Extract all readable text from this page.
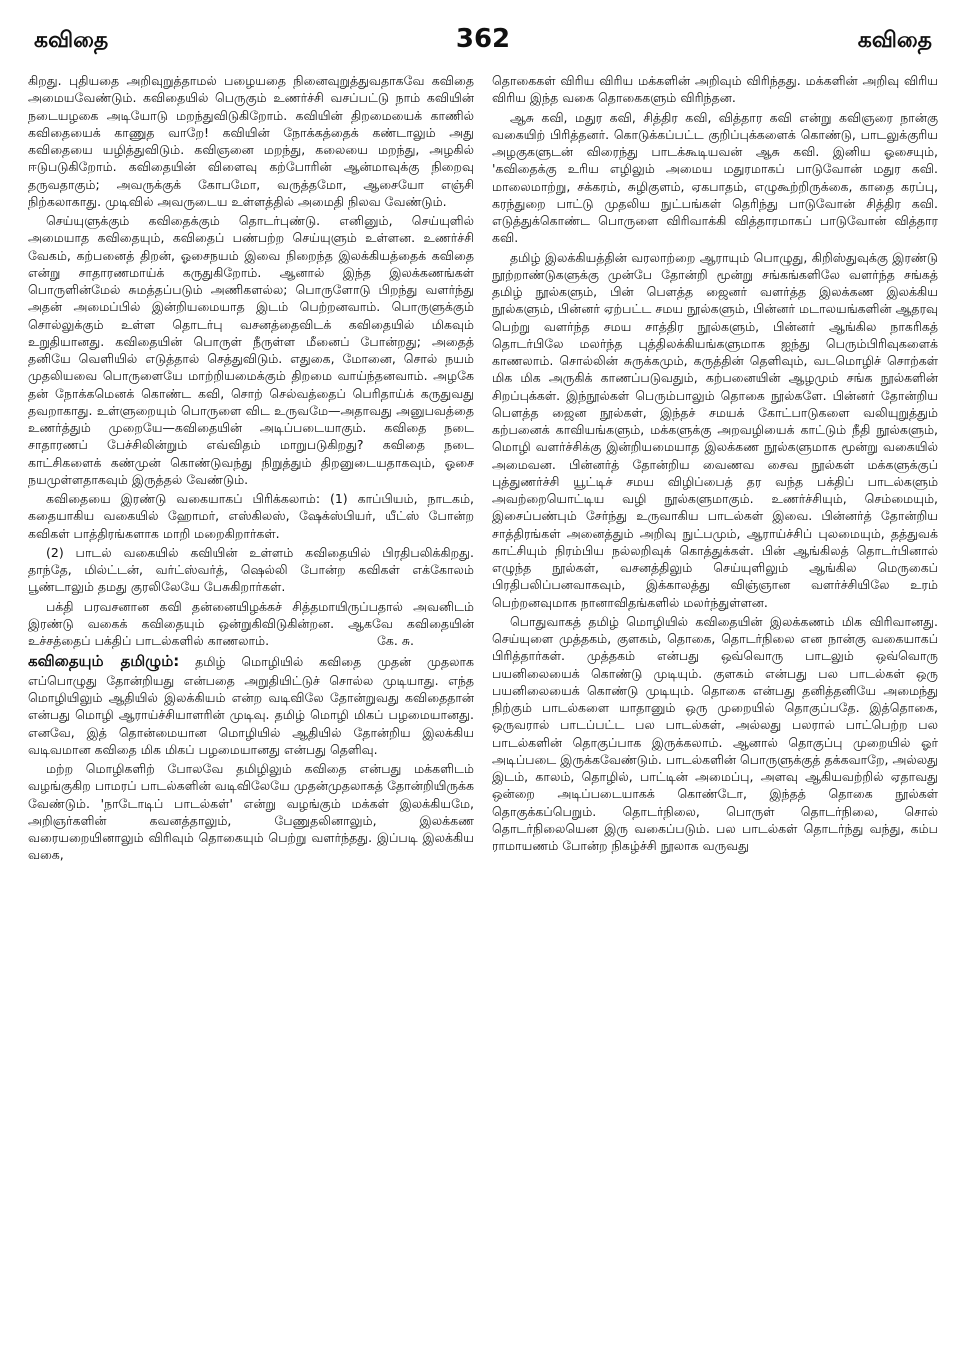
கவிதை	362	கவிதை

கிறது. புதியதை அறிவுறுத்தாமல் பழையதை நினைவுறுத்துவதாகவே கவிதை அமையவேண்டும். கவிதையில் பெருகும் உணர்ச்சி வசப்பட்டு நாம் கவியின் நடையழகை அடியோடு மறந்துவிடுகிறோம். கவியின் திறமையைக் காணில் கவிதையைக் காணுத வாறே! கவியின் நோக்கத்தைக் கண்டாலும் அது கவிதையை யழித்துவிடும். கவிஞனை மறந்து, கலையை மறந்து, அழகில் ஈடுபடுகிறோம். கவிதையின் விளைவு கற்போரின் ஆன்மாவுக்கு நிறைவு தருவதாகும்; அவருக்குக் கோபமோ, வருத்தமோ, ஆசையோ எஞ்சி நிற்கலாகாது. முடிவில் அவருடைய உள்ளத்தில் அமைதி நிலவ வேண்டும்.

செய்யுளுக்கும் கவிதைக்கும் தொடர்புண்டு. எனினும், செய்யுளில் அமையாத கவிதையும், கவிதைப் பண்பற்ற செய்யுளும் உள்ளன. உணர்ச்சி வேகம், கற்பனைத் திறன், ஓசைநயம் இவை நிறைந்த இலக்கியத்தைக் கவிதை என்று சாதாரணமாய்க் கருதுகிறோம். ஆனால் இந்த இலக்கணங்கள் பொருளின்மேல் சுமத்தப்படும் அணிகளல்ல; பொருளோடு பிறந்து வளர்ந்து அதன் அமைப்பில் இன்றியமையாத இடம் பெற்றனவாம். பொருளுக்கும் சொல்லுக்கும் உள்ள தொடர்பு வசனத்தைவிடக் கவிதையில் மிகவும் உறுதியானது. கவிதையின் பொருள் நீருள்ள மீனைப் போன்றது; அதைத் தனியே வெளியில் எடுத்தால் செத்துவிடும். எதுகை, மோனை, சொல் நயம் முதலியவை பொருளையே மாற்றியமைக்கும் திறமை வாய்ந்தனவாம். அழகே தன் நோக்கமெனக் கொண்ட கவி, சொற் செல்வத்தைப் பெரிதாய்க் கருதுவது தவறாகாது. உள்ளுறையும் பொருளை விட உருவமே—அதாவது அனுபவத்தை உணர்த்தும் முறையே—கவிதையின் அடிப்படையாகும். கவிதை நடை சாதாரணப் பேச்சிலின்றும் எவ்விதம் மாறுபடுகிறது? கவிதை நடை காட்சிகளைக் கண்முன் கொண்டுவந்து நிறுத்தும் திறனுடையதாகவும், ஓசை நயமுள்ளதாகவும் இருத்தல் வேண்டும்.

கவிதையை இரண்டு வகையாகப் பிரிக்கலாம்: (1) காப்பியம், நாடகம், கதையாகிய வகையில் ஹோமர், எஸ்கிலஸ், ஷேக்ஸ்பியர், யீட்ஸ் போன்ற கவிகள் பாத்திரங்களாக மாறி மறைகிறார்கள்.

(2) பாடல் வகையில் கவியின் உள்ளம் கவிதையில் பிரதிபலிக்கிறது. தாந்தே, மில்ட்டன், வர்ட்ஸ்வர்த், ஷெல்லி போன்ற கவிகள் எக்கோலம் பூண்டாலும் தமது குரலிலேயே பேசுகிறார்கள்.

பக்தி பரவசனான கவி தன்னையிழக்கச் சித்தமாயிருப்பதால் அவனிடம் இரண்டு வகைக் கவிதையும் ஒன்றுகிவிடுகின்றன. ஆகவே கவிதையின் உச்சத்தைப் பக்திப் பாடல்களில் காணலாம்.	கே. சு.

கவிதையும் தமிழும்: தமிழ் மொழியில் கவிதை முதன் முதலாக எப்பொழுது தோன்றியது என்பதை அறுதியிட்டுச் சொல்ல முடியாது. எந்த மொழியிலும் ஆதியில் இலக்கியம் என்ற வடிவிலே தோன்றுவது கவிதைதான் என்பது மொழி ஆராய்ச்சியாளரின் முடிவு. தமிழ் மொழி மிகப் பழமையானது. எனவே, இத் தொன்மையான மொழியில் ஆதியில் தோன்றிய இலக்கிய வடிவமான கவிதை மிக மிகப் பழமையானது என்பது தெளிவு.

மற்ற மொழிகளிற் போலவே தமிழிலும் கவிதை என்பது மக்களிடம் வழங்குகிற பாமரப் பாடல்களின் வடிவிலேயே முதன்முதலாகத் தோன்றியிருக்க வேண்டும். 'நாடோடிப் பாடல்கள்' என்று வழங்கும் மக்கள் இலக்கியமே, அறிஞர்களின் கவனத்தாலும், பேணுதலினாலும், இலக்கண வரையறையினாலும் விரிவும் தொகையும் பெற்று வளர்ந்தது. இப்படி இலக்கிய வகை,

தொகைகள் விரிய விரிய மக்களின் அறிவும் விரிந்தது. மக்களின் அறிவு விரிய விரிய இந்த வகை தொகைகளும் விரிந்தன.

ஆசு கவி, மதுர கவி, சித்திர கவி, வித்தார கவி என்று கவிஞரை நான்கு வகையிற் பிரித்தனர். கொடுக்கப்பட்ட குறிப்புக்களைக் கொண்டு, பாடலுக்குரிய அழகுகளுடன் விரைந்து பாடக்கூடியவன் ஆசு கவி. இனிய ஓசையும், 'கவிதைக்கு உரிய எழிலும் அமைய மதுரமாகப் பாடுவோன் மதுர கவி. மாலைமாற்று, சக்கரம், சுழிகுளம், ஏகபாதம், எழுகூற்றிருக்கை, காதை கரப்பு, கரந்துறை பாட்டு முதலிய நுட்பங்கள் தெரிந்து பாடுவோன் சித்திர கவி. எடுத்துக்கொண்ட பொருளை விரிவாக்கி வித்தாரமாகப் பாடுவோன் வித்தார கவி.

தமிழ் இலக்கியத்தின் வரலாற்றை ஆராயும் பொழுது, கிறிஸ்துவுக்கு இரண்டு நூற்றாண்டுகளுக்கு முன்பே தோன்றி மூன்று சங்கங்களிலே வளர்ந்த சங்கத் தமிழ் நூல்களும், பின் பௌத்த ஜைனர் வளர்த்த இலக்கண இலக்கிய நூல்களும், பின்னர் ஏற்பட்ட சமய நூல்களும், பின்னர் மடாலயங்களின் ஆதரவு பெற்று வளர்ந்த சமய சாத்திர நூல்களும், பின்னர் ஆங்கில நாகரிகத் தொடர்பிலே மலர்ந்த புத்திலக்கியங்களுமாக ஐந்து பெரும்பிரிவுகளைக் காணலாம். சொல்லின் சுருக்கமும், கருத்தின் தெளிவும், வடமொழிச் சொற்கள் மிக மிக அருகிக் காணப்படுவதும், கற்பனையின் ஆழமும் சங்க நூல்களின் சிறப்புக்கள். இந்நூல்கள் பெரும்பாலும் தொகை நூல்களே. பின்னர் தோன்றிய பௌத்த ஜைன நூல்கள், இந்தச் சமயக் கோட்பாடுகளை வலியுறுத்தும் கற்பனைக் காவியங்களும், மக்களுக்கு அறவழியைக் காட்டும் நீதி நூல்களும், மொழி வளர்ச்சிக்கு இன்றியமையாத இலக்கண நூல்களுமாக மூன்று வகையில் அமைவன. பின்னர்த் தோன்றிய வைணவ சைவ நூல்கள் மக்களுக்குப் புத்துணர்ச்சி யூட்டிச் சமய விழிப்பைத் தர வந்த பக்திப் பாடல்களும் அவற்றையொட்டிய வழி நூல்களுமாகும். உணர்ச்சியும், செம்மையும், இசைப்பண்பும் சேர்ந்து உருவாகிய பாடல்கள் இவை. பின்னர்த் தோன்றிய சாத்திரங்கள் அனைத்தும் அறிவு நுட்பமும், ஆராய்ச்சிப் புலமையும், தத்துவக் காட்சியும் நிரம்பிய நல்லறிவுக் கொத்துக்கள். பின் ஆங்கிலத் தொடர்பினால் எழுந்த நூல்கள், வசனத்திலும் செய்யுளிலும் ஆங்கில மெருகைப் பிரதிபலிப்பனவாகவும், இக்காலத்து விஞ்ஞான வளர்ச்சியிலே உரம் பெற்றனவுமாக நானாவிதங்களில் மலர்ந்துள்ளன.

பொதுவாகத் தமிழ் மொழியில் கவிதையின் இலக்கணம் மிக விரிவானது. செய்யுளை முத்தகம், குளகம், தொகை, தொடர்நிலை என நான்கு வகையாகப் பிரித்தார்கள். முத்தகம் என்பது ஒவ்வொரு பாடலும் ஒவ்வொரு பயனிலையைக் கொண்டு முடியும். குளகம் என்பது பல பாடல்கள் ஒரு பயனிலையைக் கொண்டு முடியும். தொகை என்பது தனித்தனியே அமைந்து நிற்கும் பாடல்களை யாதானும் ஒரு முறையில் தொகுப்பதே. இத்தொகை, ஒருவரால் பாடப்பட்ட பல பாடல்கள், அல்லது பலரால் பாட்பெற்ற பல பாடல்களின் தொகுப்பாக இருக்கலாம். ஆனால் தொகுப்பு முறையில் ஓர் அடிப்படை இருக்கவேண்டும். பாடல்களின் பொருளுக்குத் தக்கவாறே, அல்லது இடம், காலம், தொழில், பாட்டின் அமைப்பு, அளவு ஆகியவற்றில் ஏதாவது ஒன்றை அடிப்படையாகக் கொண்டோ, இந்தத் தொகை நூல்கள் தொகுக்கப்பெறும். தொடர்நிலை, பொருள் தொடர்நிலை, சொல் தொடர்நிலையென இரு வகைப்படும். பல பாடல்கள் தொடர்ந்து வந்து, கம்ப ராமாயணம் போன்ற நிகழ்ச்சி நூலாக வருவது
